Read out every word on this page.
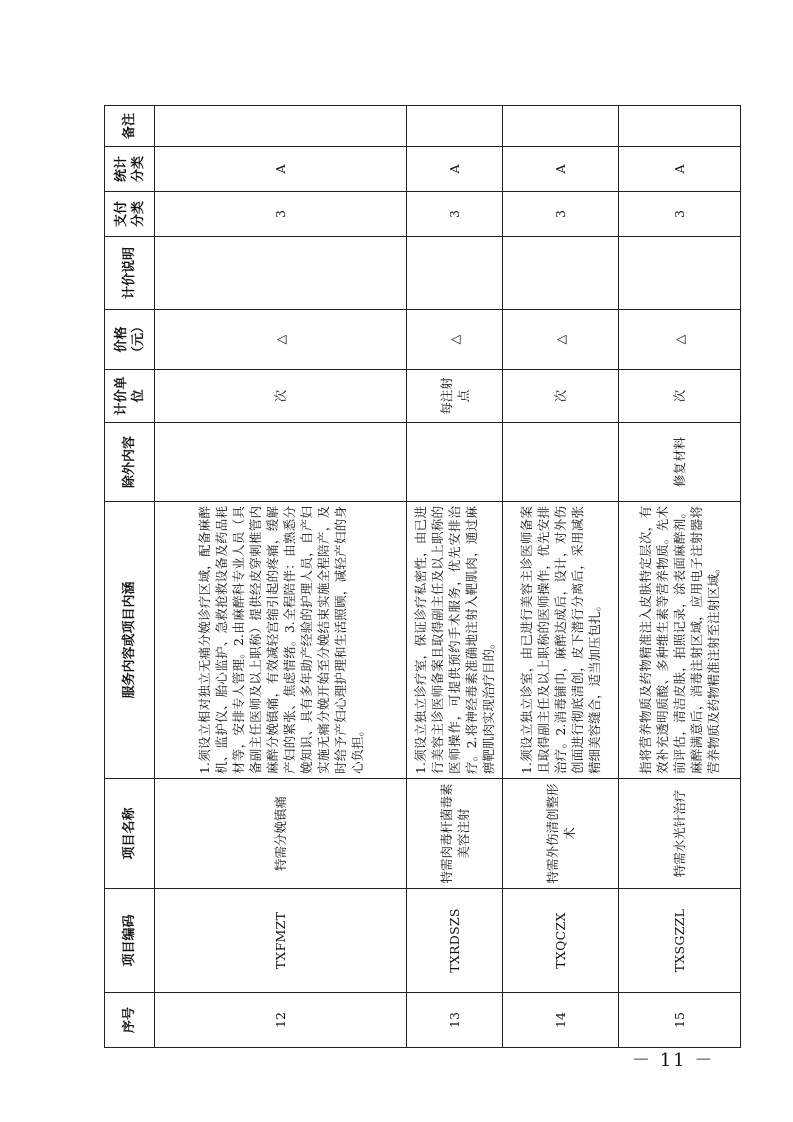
序号	项目编码	项目名称	服务内容或项目内涵	除外内容	计价单位	价格（元）	计价说明	支付分类	统计分类	备注
12	TXFMZT	特需分娩镇痛	1.须设立相对独立无痛分娩诊疗区域，配备麻醉机、监护仪、胎心监护、急救抢救设备及药品耗材等，安排专人管理。2.由麻醉科专业人员（具备副主任医师及以上职称）提供经皮穿刺椎管内麻醉分娩镇痛，有效减轻宫缩引起的疼痛，缓解产妇的紧张、焦虑情绪。3.全程陪伴：由熟悉分娩知识、具有多年助产经验的护理人员，自产妇实施无痛分娩开始至分娩结束实施全程陪产，及时给予产妇心理护理和生活照顾，减轻产妇的身心负担。		次	△		3	A	
13	TXRDSZS	特需肉毒杆菌毒素美容注射	1.须设立独立诊疗室，保证诊疗私密性，由已进行美容主诊医师备案且取得副主任及以上职称的医师操作，可提供预约手术服务，优先安排治疗。2.将神经毒素准确地注射入靶肌肉，通过麻痹靶肌肉实现治疗目的。		每注射点	△		3	A	
14	TXQCZX	特需外伤清创整形术	1.须设立独立诊室，由已进行美容主诊医师备案且取得副主任及以上职称的医师操作，优先安排治疗。2.消毒铺巾，麻醉达成后，设计，对外伤创面进行彻底清创，皮下潜行分离后，采用减张精细美容缝合，适当加压包扎。		次	△		3	A	
15	TXSGZZL	特需水光针治疗	指将营养物质及药物精准注入皮肤特定层次，有效补充透明质酸、多种维生素等营养物质。先术前评估，清洁皮肤，拍照记录，涂表面麻醉剂。麻醉满意后，消毒注射区域，应用电子注射器将营养物质及药物精准注射至注射区域。	修复材料	次	△		3	A	
－ 11 －
